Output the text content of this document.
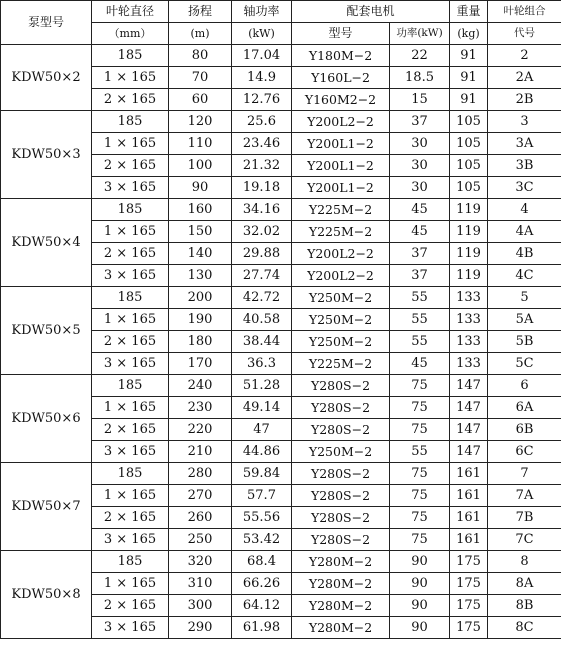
泵型号	叶轮直径	扬程	轴功率	配套电机		重量	叶轮组合
	（mm）	(m)	(kW)	型号	功率(kW)	(kg)	代号
KDW50×2	185	80	17.04	Y180M−2	22	91	2
	1 × 165	70	14.9	Y160L−2	18.5	91	2A
	2 × 165	60	12.76	Y160M2−2	15	91	2B
KDW50×3	185	120	25.6	Y200L2−2	37	105	3
	1 × 165	110	23.46	Y200L1−2	30	105	3A
	2 × 165	100	21.32	Y200L1−2	30	105	3B
	3 × 165	90	19.18	Y200L1−2	30	105	3C
KDW50×4	185	160	34.16	Y225M−2	45	119	4
	1 × 165	150	32.02	Y225M−2	45	119	4A
	2 × 165	140	29.88	Y200L2−2	37	119	4B
	3 × 165	130	27.74	Y200L2−2	37	119	4C
KDW50×5	185	200	42.72	Y250M−2	55	133	5
	1 × 165	190	40.58	Y250M−2	55	133	5A
	2 × 165	180	38.44	Y250M−2	55	133	5B
	3 × 165	170	36.3	Y225M−2	45	133	5C
KDW50×6	185	240	51.28	Y280S−2	75	147	6
	1 × 165	230	49.14	Y280S−2	75	147	6A
	2 × 165	220	47	Y280S−2	75	147	6B
	3 × 165	210	44.86	Y250M−2	55	147	6C
KDW50×7	185	280	59.84	Y280S−2	75	161	7
	1 × 165	270	57.7	Y280S−2	75	161	7A
	2 × 165	260	55.56	Y280S−2	75	161	7B
	3 × 165	250	53.42	Y280S−2	75	161	7C
KDW50×8	185	320	68.4	Y280M−2	90	175	8
	1 × 165	310	66.26	Y280M−2	90	175	8A
	2 × 165	300	64.12	Y280M−2	90	175	8B
	3 × 165	290	61.98	Y280M−2	90	175	8C
